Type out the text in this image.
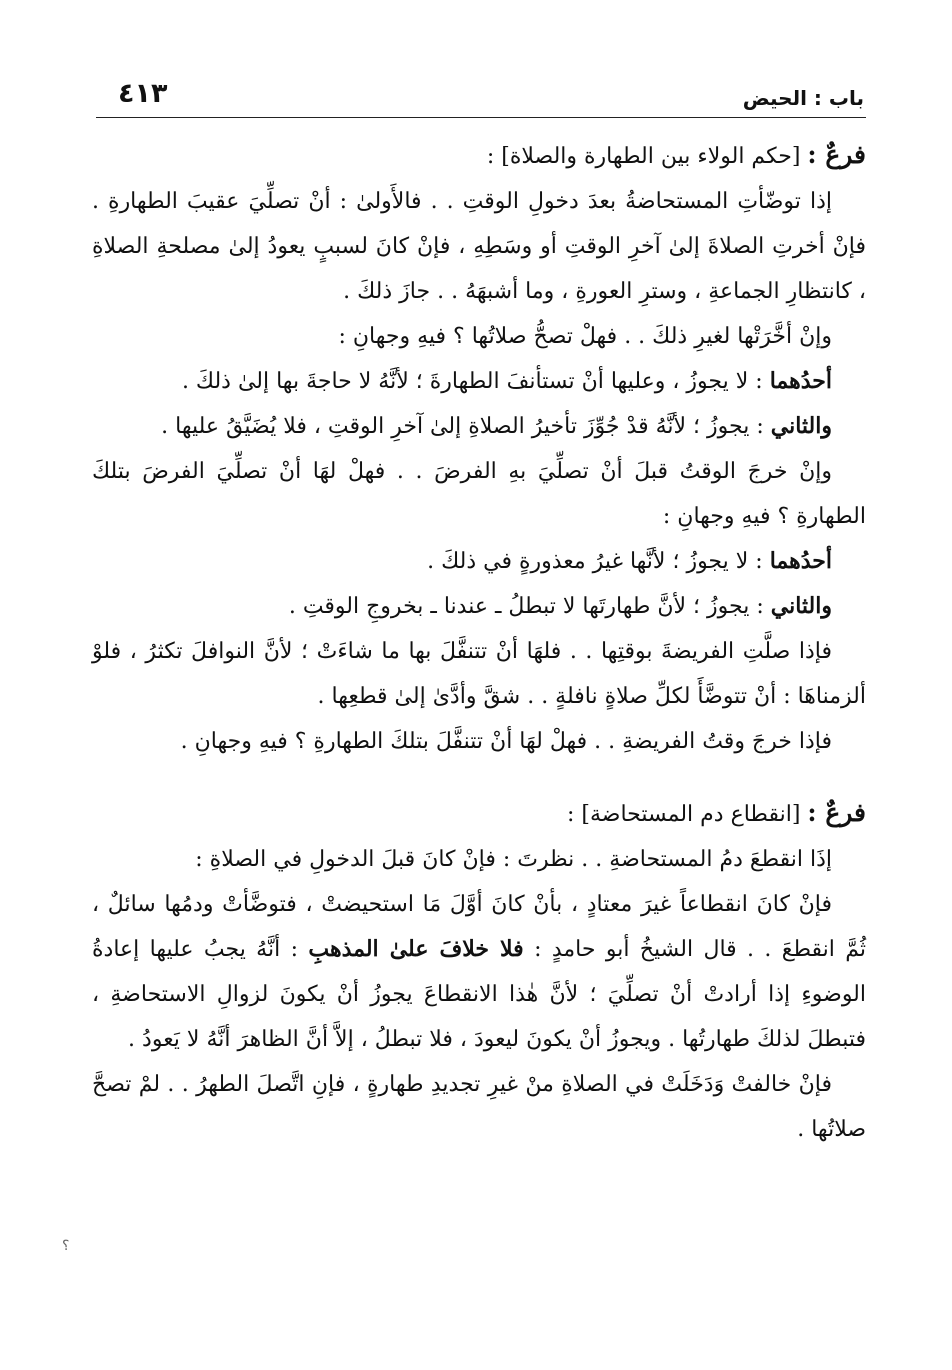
باب : الحيض
٤١٣

فرعٌ : [حكم الولاء بين الطهارة والصلاة] :

إذا توضّأتِ المستحاضةُ بعدَ دخولِ الوقتِ . . فالأَولىٰ : أنْ تصلِّيَ عقيبَ الطهارةِ . فإنْ أخرتِ الصلاةَ إلىٰ آخرِ الوقتِ أو وسَطِهِ ، فإنْ كانَ لسببٍ يعودُ إلىٰ مصلحةِ الصلاةِ ، كانتظارِ الجماعةِ ، وسترِ العورةِ ، وما أشبهَهُ . . جازَ ذلكَ .

وإنْ أخَّرَتْها لغيرِ ذلكَ . . فهلْ تصحُّ صلاتُها ؟ فيهِ وجهانِ :

أحدُهما : لا يجوزُ ، وعليها أنْ تستأنفَ الطهارةَ ؛ لأنَّهُ لا حاجةَ بها إلىٰ ذلكَ .

والثاني : يجوزُ ؛ لأنَّهُ قدْ جُوِّزَ تأخيرُ الصلاةِ إلىٰ آخرِ الوقتِ ، فلا يُضَيَّقُ عليها .

وإنْ خرجَ الوقتُ قبلَ أنْ تصلِّيَ بهِ الفرضَ . . فهلْ لهَا أنْ تصلِّيَ الفرضَ بتلكَ الطهارةِ ؟ فيهِ وجهانِ :

أحدُهما : لا يجوزُ ؛ لأنَّها غيرُ معذورةٍ في ذلكَ .

والثاني : يجوزُ ؛ لأنَّ طهارتَها لا تبطلُ ـ عندنا ـ بخروجِ الوقتِ .

فإذا صلَّتِ الفريضةَ بوقتِها . . فلهَا أنْ تتنفَّلَ بها ما شاءَتْ ؛ لأنَّ النوافلَ تكثرُ ، فلوْ ألزمناهَا : أنْ تتوضَّأَ لكلِّ صلاةٍ نافلةٍ . . شقَّ وأدَّىٰ إلىٰ قطعِها .

فإذا خرجَ وقتُ الفريضةِ . . فهلْ لهَا أنْ تتنفَّلَ بتلكَ الطهارةِ ؟ فيهِ وجهانِ .

فرعٌ : [انقطاع دم المستحاضة] :

إذَا انقطعَ دمُ المستحاضةِ . . نظرتَ : فإنْ كانَ قبلَ الدخولِ في الصلاةِ :

فإنْ كانَ انقطاعاً غيرَ معتادٍ ، بأنْ كانَ أوَّلَ مَا استحيضتْ ، فتوضَّأتْ ودمُها سائلٌ ، ثُمَّ انقطعَ . . قال الشيخُ أبو حامدٍ : فلا خلافَ علىٰ المذهبِ : أنَّهُ يجبُ عليها إعادةُ الوضوءِ إذا أرادتْ أنْ تصلِّيَ ؛ لأنَّ هٰذا الانقطاعَ يجوزُ أنْ يكونَ لزوالِ الاستحاضةِ ، فتبطلَ لذلكَ طهارتُها . ويجوزُ أنْ يكونَ ليعودَ ، فلا تبطلُ ، إلاَّ أنَّ الظاهرَ أنَّهُ لا يَعودُ .

فإنْ خالفتْ وَدَخَلَتْ في الصلاةِ منْ غيرِ تجديدِ طهارةٍ ، فإنِ اتَّصلَ الطهرُ . . لمْ تصحَّ صلاتُها .

؟
